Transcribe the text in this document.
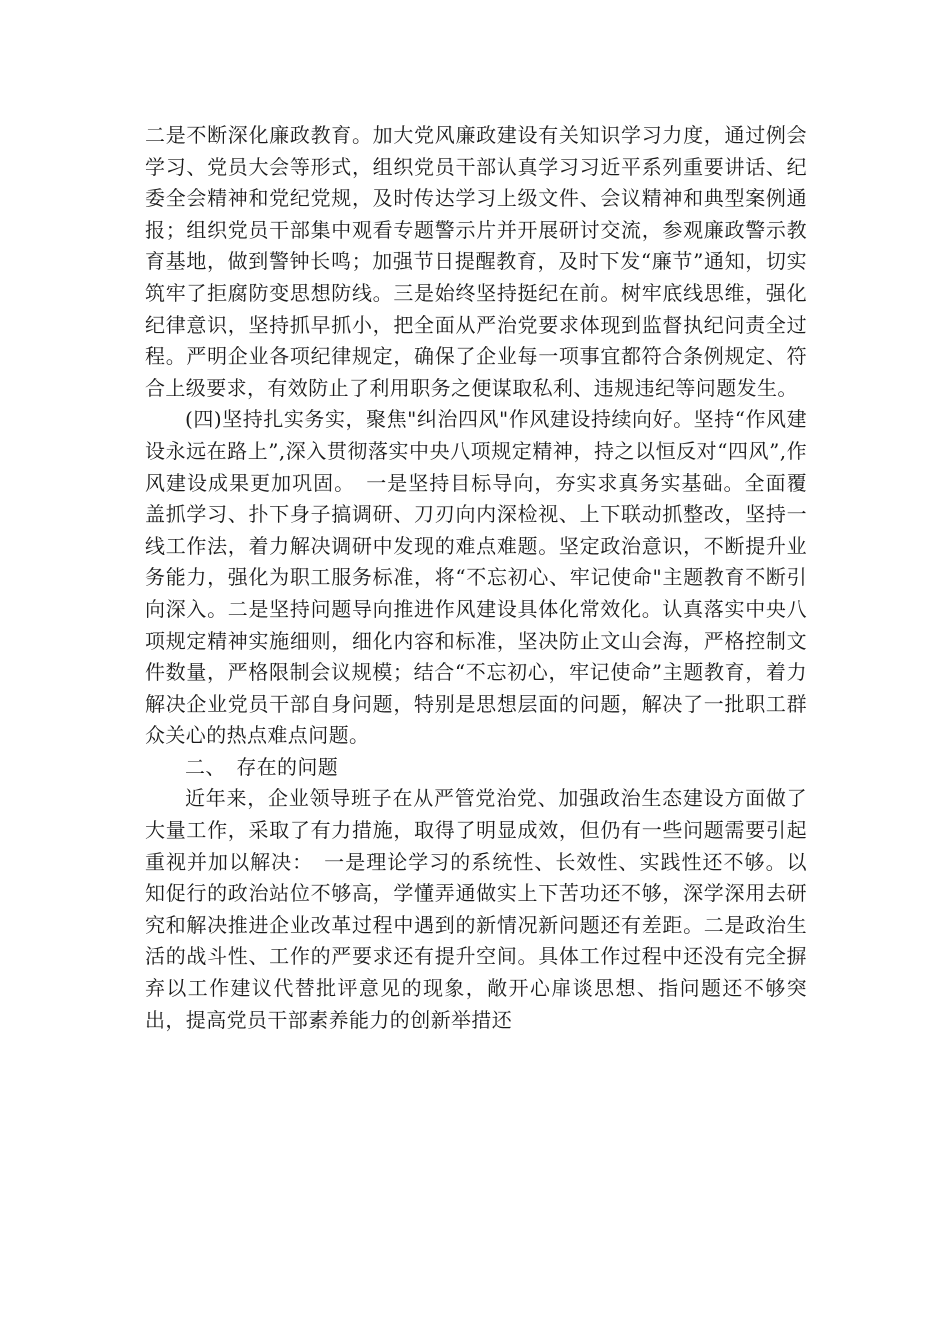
二是不断深化廉政教育。加大党风廉政建设有关知识学习力度，通过例会学习、党员大会等形式，组织党员干部认真学习习近平系列重要讲话、纪委全会精神和党纪党规，及时传达学习上级文件、会议精神和典型案例通报；组织党员干部集中观看专题警示片并开展研讨交流，参观廉政警示教育基地，做到警钟长鸣；加强节日提醒教育，及时下发“廉节”通知，切实筑牢了拒腐防变思想防线。三是始终坚持挺纪在前。树牢底线思维，强化纪律意识，坚持抓早抓小，把全面从严治党要求体现到监督执纪问责全过程。严明企业各项纪律规定，确保了企业每一项事宜都符合条例规定、符合上级要求，有效防止了利用职务之便谋取私利、违规违纪等问题发生。

(四)坚持扎实务实，聚焦"纠治四风"作风建设持续向好。坚持“作风建设永远在路上”,深入贯彻落实中央八项规定精神，持之以恒反对“四风”,作风建设成果更加巩固。　一是坚持目标导向，夯实求真务实基础。全面覆盖抓学习、扑下身子搞调研、刀刃向内深检视、上下联动抓整改，坚持一线工作法，着力解决调研中发现的难点难题。坚定政治意识，不断提升业务能力，强化为职工服务标准，将“不忘初心、牢记使命"主题教育不断引向深入。二是坚持问题导向推进作风建设具体化常效化。认真落实中央八项规定精神实施细则，细化内容和标准，坚决防止文山会海，严格控制文件数量，严格限制会议规模；结合“不忘初心，牢记使命”主题教育，着力解决企业党员干部自身问题，特别是思想层面的问题，解决了一批职工群众关心的热点难点问题。

二、　存在的问题

近年来，企业领导班子在从严管党治党、加强政治生态建设方面做了大量工作，采取了有力措施，取得了明显成效，但仍有一些问题需要引起重视并加以解决：　一是理论学习的系统性、长效性、实践性还不够。以知促行的政治站位不够高，学懂弄通做实上下苦功还不够，深学深用去研究和解决推进企业改革过程中遇到的新情况新问题还有差距。二是政治生活的战斗性、工作的严要求还有提升空间。具体工作过程中还没有完全摒弃以工作建议代替批评意见的现象，敞开心扉谈思想、指问题还不够突出，提高党员干部素养能力的创新举措还
